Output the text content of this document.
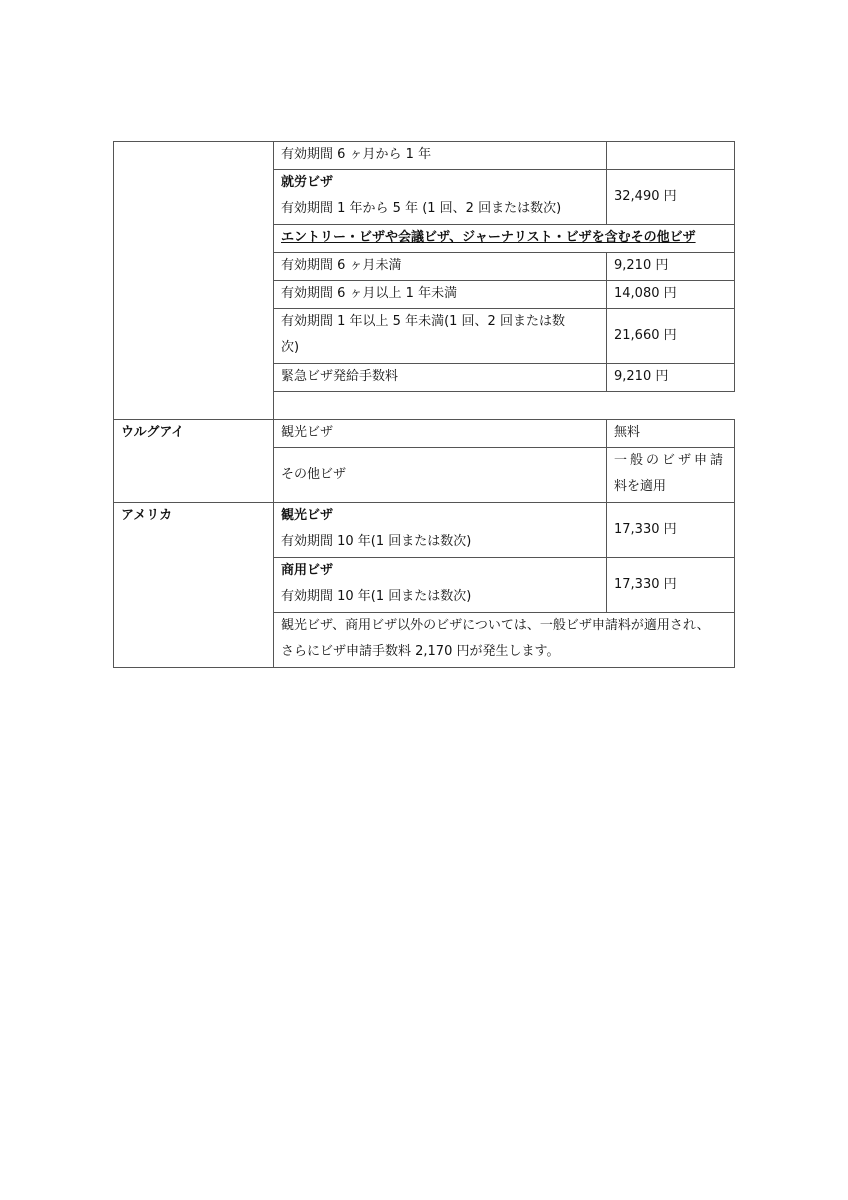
	有効期間 6 ヶ月から 1 年	

	就労ビザ
有効期間 1 年から 5 年 (1 回、2 回または数次)	32,490 円
	エントリー・ビザや会議ビザ、ジャーナリスト・ビザを含むその他ビザ	
	有効期間 6 ヶ月未満	9,210 円
	有効期間 6 ヶ月以上 1 年未満	14,080 円

	有効期間 1 年以上 5 年未満(1 回、2 回または数
次)	21,660 円
	緊急ビザ発給手数料	9,210 円

ウルグアイ	観光ビザ	無料
	その他ビザ	一般のビザ申請
料を適用

アメリカ	観光ビザ
有効期間 10 年(1 回または数次)	17,330 円

	商用ビザ
有効期間 10 年(1 回または数次)	17,330 円

	観光ビザ、商用ビザ以外のビザについては、一般ビザ申請料が適用され、
さらにビザ申請手数料 2,170 円が発生します。	
